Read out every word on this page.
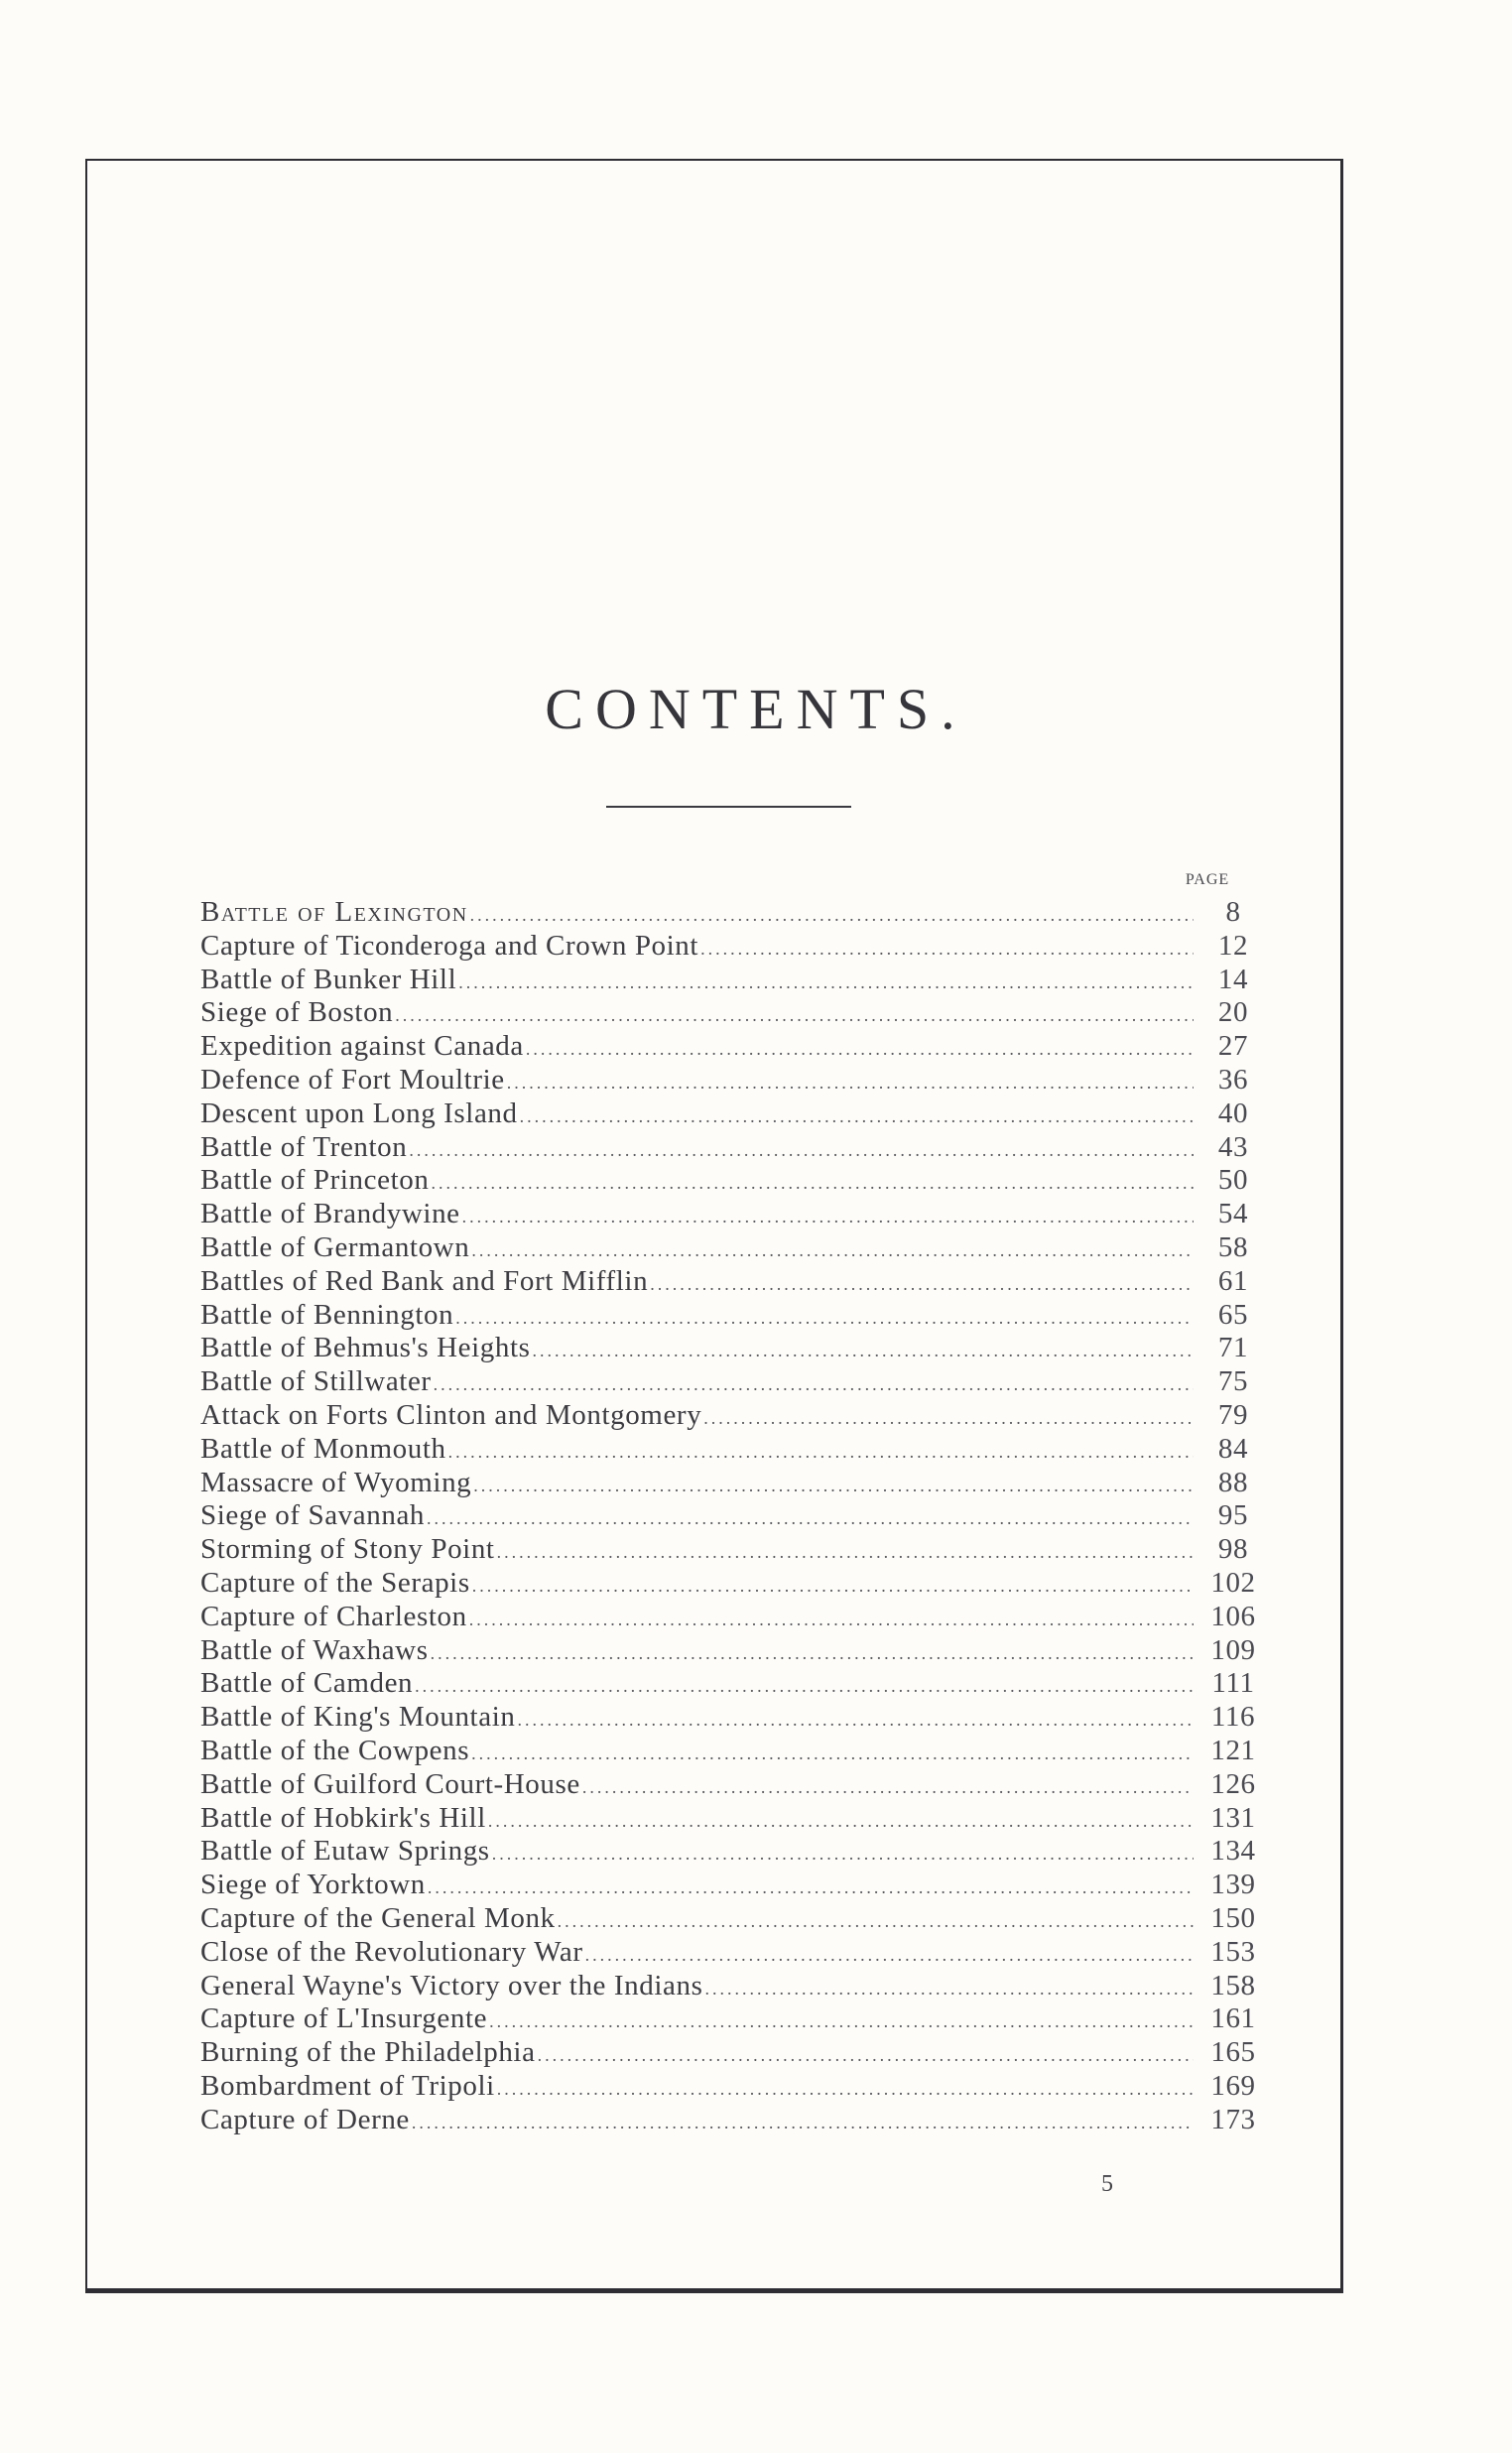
CONTENTS.
PAGE
Battle of Lexington .....	8
Capture of Ticonderoga and Crown Point .....	12
Battle of Bunker Hill .....	14
Siege of Boston .....	20
Expedition against Canada .....	27
Defence of Fort Moultrie .....	36
Descent upon Long Island .....	40
Battle of Trenton .....	43
Battle of Princeton .....	50
Battle of Brandywine .....	54
Battle of Germantown .....	58
Battles of Red Bank and Fort Mifflin .....	61
Battle of Bennington .....	65
Battle of Behmus's Heights .....	71
Battle of Stillwater .....	75
Attack on Forts Clinton and Montgomery .....	79
Battle of Monmouth .....	84
Massacre of Wyoming .....	88
Siege of Savannah .....	95
Storming of Stony Point .....	98
Capture of the Serapis .....	102
Capture of Charleston .....	106
Battle of Waxhaws .....	109
Battle of Camden .....	111
Battle of King's Mountain .....	116
Battle of the Cowpens .....	121
Battle of Guilford Court-House .....	126
Battle of Hobkirk's Hill .....	131
Battle of Eutaw Springs .....	134
Siege of Yorktown .....	139
Capture of the General Monk .....	150
Close of the Revolutionary War .....	153
General Wayne's Victory over the Indians .....	158
Capture of L'Insurgente .....	161
Burning of the Philadelphia .....	165
Bombardment of Tripoli .....	169
Capture of Derne .....	173
5
